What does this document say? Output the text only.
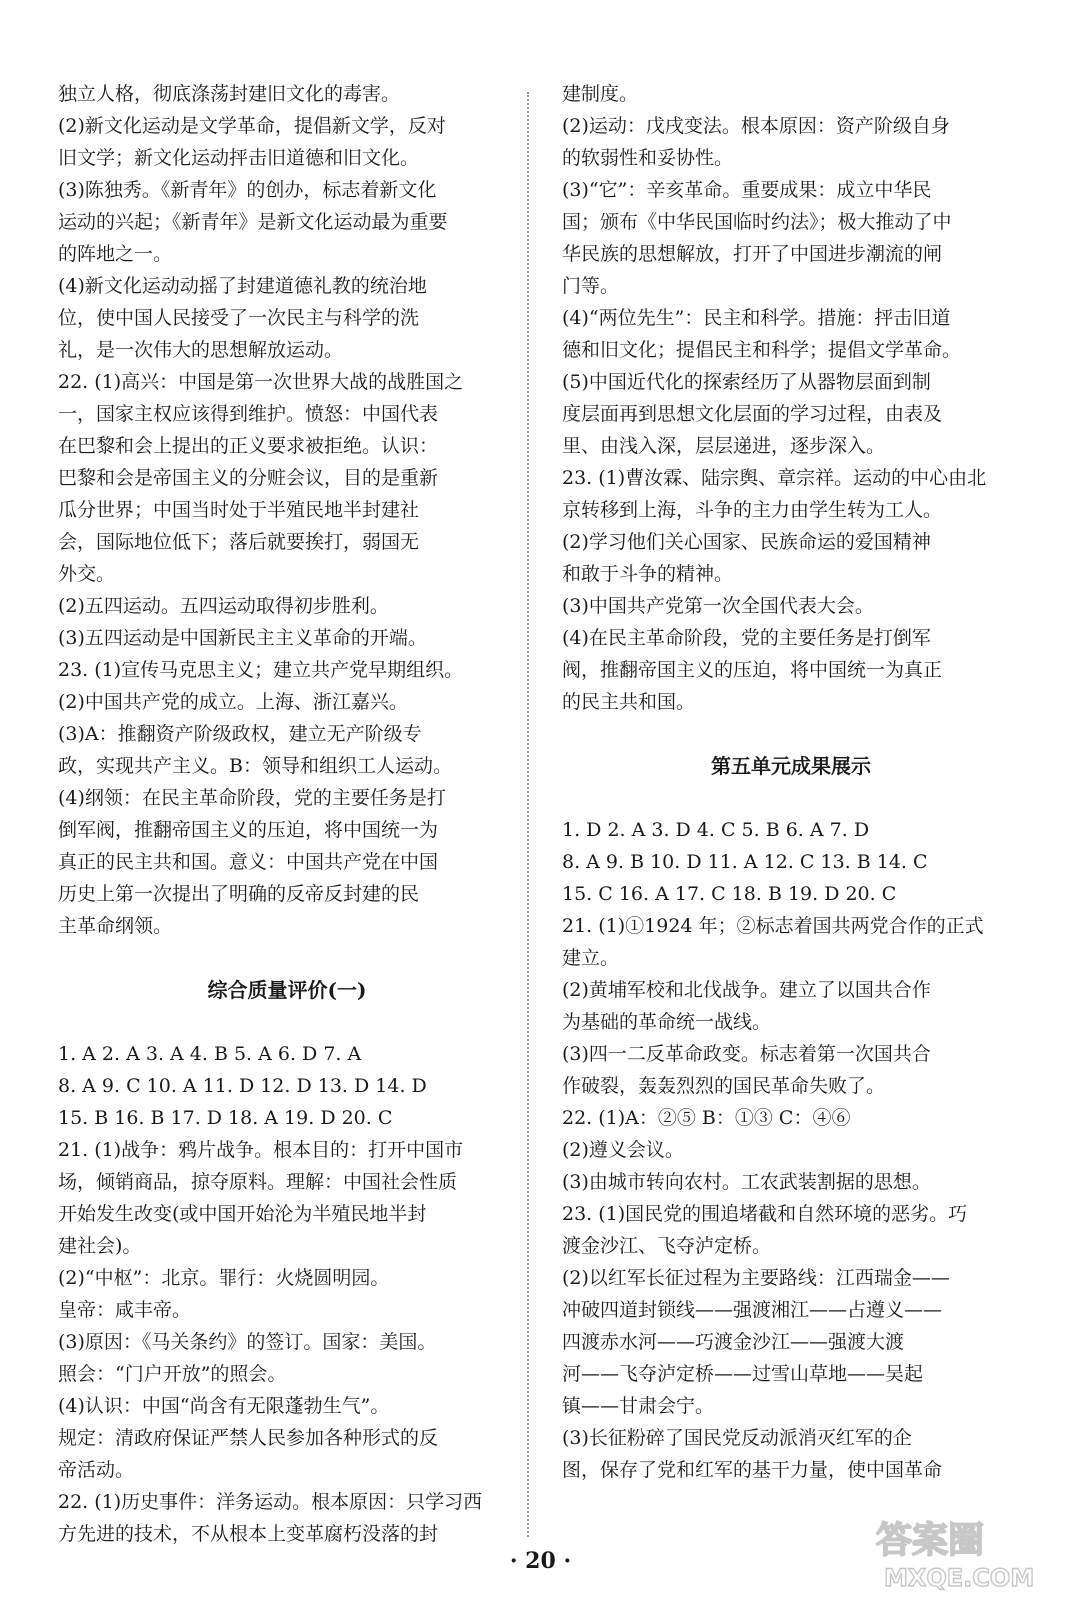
独立人格，彻底涤荡封建旧文化的毒害。
(2)新文化运动是文学革命，提倡新文学，反对
旧文学；新文化运动抨击旧道德和旧文化。
(3)陈独秀。《新青年》的创办，标志着新文化
运动的兴起；《新青年》是新文化运动最为重要
的阵地之一。
(4)新文化运动动摇了封建道德礼教的统治地
位，使中国人民接受了一次民主与科学的洗
礼，是一次伟大的思想解放运动。
22. (1)高兴：中国是第一次世界大战的战胜国之
一，国家主权应该得到维护。愤怒：中国代表
在巴黎和会上提出的正义要求被拒绝。认识：
巴黎和会是帝国主义的分赃会议，目的是重新
瓜分世界；中国当时处于半殖民地半封建社
会，国际地位低下；落后就要挨打，弱国无
外交。
(2)五四运动。五四运动取得初步胜利。
(3)五四运动是中国新民主主义革命的开端。
23. (1)宣传马克思主义；建立共产党早期组织。
(2)中国共产党的成立。上海、浙江嘉兴。
(3)A：推翻资产阶级政权，建立无产阶级专
政，实现共产主义。B：领导和组织工人运动。
(4)纲领：在民主革命阶段，党的主要任务是打
倒军阀，推翻帝国主义的压迫，将中国统一为
真正的民主共和国。意义：中国共产党在中国
历史上第一次提出了明确的反帝反封建的民
主革命纲领。
综合质量评价(一)
1. A 2. A 3. A 4. B 5. A 6. D 7. A
8. A 9. C 10. A 11. D 12. D 13. D 14. D
15. B 16. B 17. D 18. A 19. D 20. C
21. (1)战争：鸦片战争。根本目的：打开中国市
场，倾销商品，掠夺原料。理解：中国社会性质
开始发生改变(或中国开始沦为半殖民地半封
建社会)。
(2)“中枢”：北京。罪行：火烧圆明园。
皇帝：咸丰帝。
(3)原因：《马关条约》的签订。国家：美国。
照会：“门户开放”的照会。
(4)认识：中国“尚含有无限蓬勃生气”。
规定：清政府保证严禁人民参加各种形式的反
帝活动。
22. (1)历史事件：洋务运动。根本原因：只学习西
方先进的技术，不从根本上变革腐朽没落的封
建制度。
(2)运动：戊戌变法。根本原因：资产阶级自身
的软弱性和妥协性。
(3)“它”：辛亥革命。重要成果：成立中华民
国；颁布《中华民国临时约法》；极大推动了中
华民族的思想解放，打开了中国进步潮流的闸
门等。
(4)“两位先生”：民主和科学。措施：抨击旧道
德和旧文化；提倡民主和科学；提倡文学革命。
(5)中国近代化的探索经历了从器物层面到制
度层面再到思想文化层面的学习过程，由表及
里、由浅入深，层层递进，逐步深入。
23. (1)曹汝霖、陆宗舆、章宗祥。运动的中心由北
京转移到上海，斗争的主力由学生转为工人。
(2)学习他们关心国家、民族命运的爱国精神
和敢于斗争的精神。
(3)中国共产党第一次全国代表大会。
(4)在民主革命阶段，党的主要任务是打倒军
阀，推翻帝国主义的压迫，将中国统一为真正
的民主共和国。
第五单元成果展示
1. D 2. A 3. D 4. C 5. B 6. A 7. D
8. A 9. B 10. D 11. A 12. C 13. B 14. C
15. C 16. A 17. C 18. B 19. D 20. C
21. (1)①1924 年；②标志着国共两党合作的正式
建立。
(2)黄埔军校和北伐战争。建立了以国共合作
为基础的革命统一战线。
(3)四一二反革命政变。标志着第一次国共合
作破裂，轰轰烈烈的国民革命失败了。
22. (1)A：②⑤ B：①③ C：④⑥
(2)遵义会议。
(3)由城市转向农村。工农武装割据的思想。
23. (1)国民党的围追堵截和自然环境的恶劣。巧
渡金沙江、飞夺泸定桥。
(2)以红军长征过程为主要路线：江西瑞金——
冲破四道封锁线——强渡湘江——占遵义——
四渡赤水河——巧渡金沙江——强渡大渡
河——飞夺泸定桥——过雪山草地——吴起
镇——甘肃会宁。
(3)长征粉碎了国民党反动派消灭红军的企
图，保存了党和红军的基干力量，使中国革命
· 20 ·	答案圈
MXQE.COM
